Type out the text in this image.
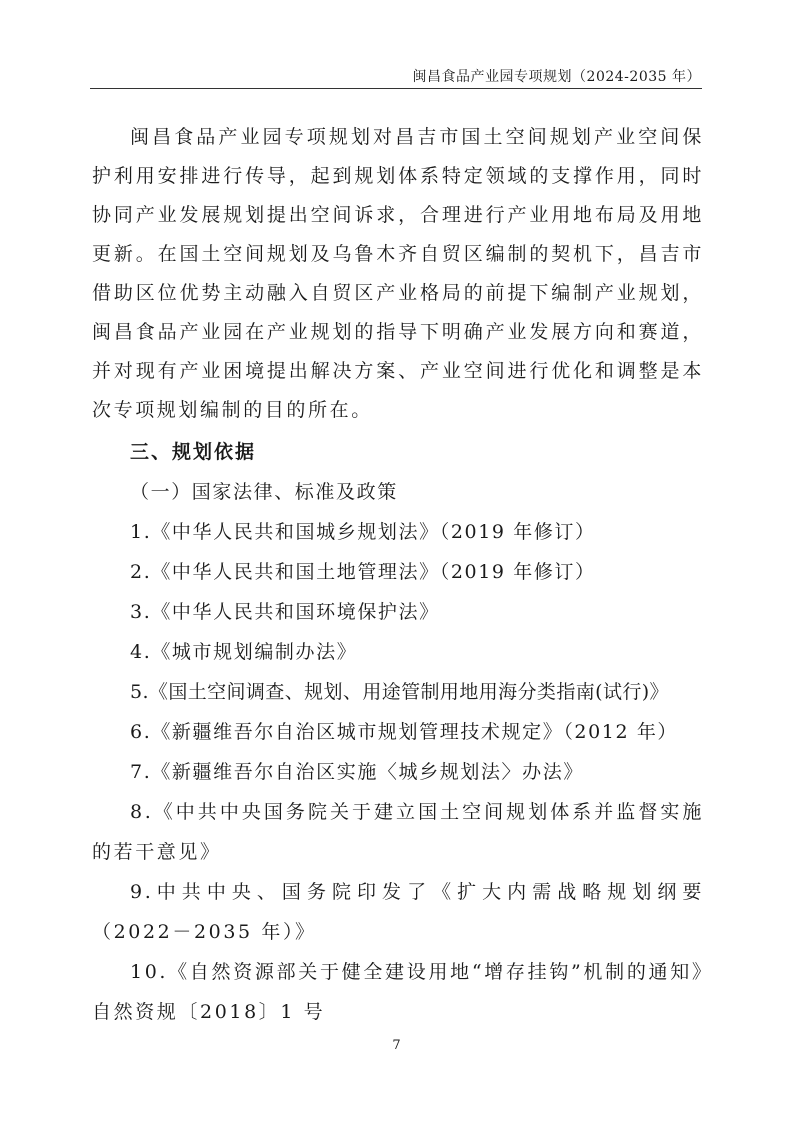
闽昌食品产业园专项规划（2024-2035 年）

闽昌食品产业园专项规划对昌吉市国土空间规划产业空间保护利用安排进行传导，起到规划体系特定领域的支撑作用，同时协同产业发展规划提出空间诉求，合理进行产业用地布局及用地更新。在国土空间规划及乌鲁木齐自贸区编制的契机下，昌吉市借助区位优势主动融入自贸区产业格局的前提下编制产业规划，闽昌食品产业园在产业规划的指导下明确产业发展方向和赛道，并对现有产业困境提出解决方案、产业空间进行优化和调整是本次专项规划编制的目的所在。

三、规划依据

（一）国家法律、标准及政策

1.《中华人民共和国城乡规划法》（2019 年修订）

2.《中华人民共和国土地管理法》（2019 年修订）

3.《中华人民共和国环境保护法》

4.《城市规划编制办法》

5.《国土空间调查、规划、用途管制用地用海分类指南(试行)》

6.《新疆维吾尔自治区城市规划管理技术规定》（2012 年）

7.《新疆维吾尔自治区实施〈城乡规划法〉办法》

8.《中共中央国务院关于建立国土空间规划体系并监督实施的若干意见》

9.中共中央、国务院印发了《扩大内需战略规划纲要（2022－2035 年）》

10.《自然资源部关于健全建设用地“增存挂钩”机制的通知》自然资规〔2018〕1 号

7
